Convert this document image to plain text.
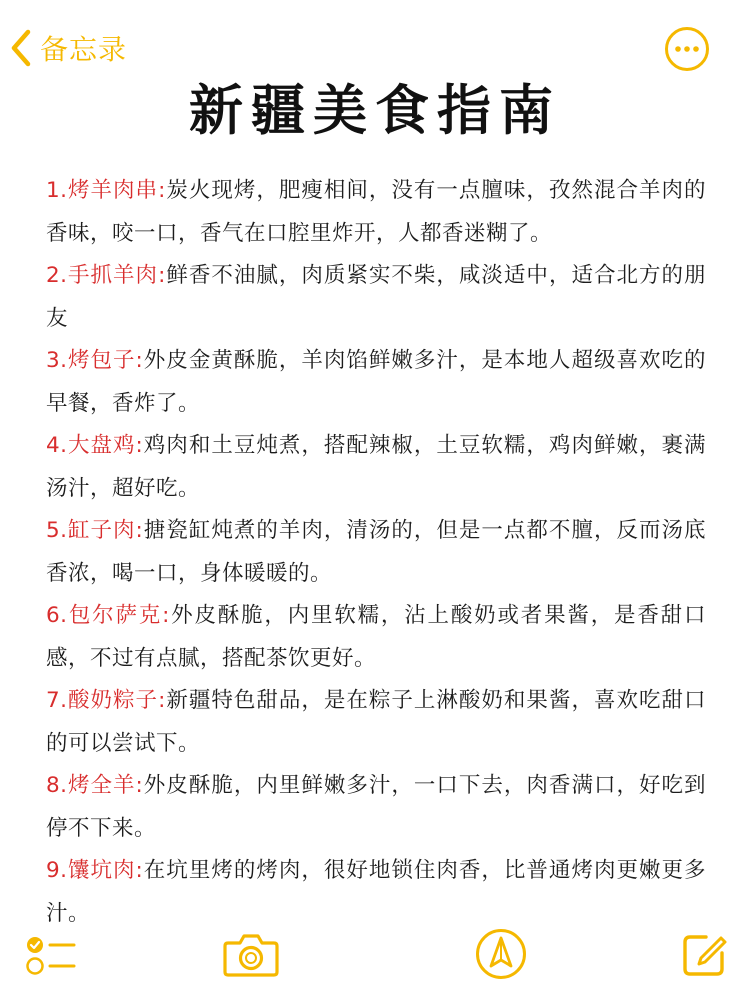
备忘录
新疆美食指南

1.烤羊肉串:炭火现烤，肥瘦相间，没有一点膻味，孜然混合羊肉的香味，咬一口，香气在口腔里炸开，人都香迷糊了。

2.手抓羊肉:鲜香不油腻，肉质紧实不柴，咸淡适中，适合北方的朋友

3.烤包子:外皮金黄酥脆，羊肉馅鲜嫩多汁，是本地人超级喜欢吃的早餐，香炸了。

4.大盘鸡:鸡肉和土豆炖煮，搭配辣椒，土豆软糯，鸡肉鲜嫩，裹满汤汁，超好吃。

5.缸子肉:搪瓷缸炖煮的羊肉，清汤的，但是一点都不膻，反而汤底香浓，喝一口，身体暖暖的。

6.包尔萨克:外皮酥脆，内里软糯，沾上酸奶或者果酱，是香甜口感，不过有点腻，搭配茶饮更好。

7.酸奶粽子:新疆特色甜品，是在粽子上淋酸奶和果酱，喜欢吃甜口的可以尝试下。

8.烤全羊:外皮酥脆，内里鲜嫩多汁，一口下去，肉香满口，好吃到停不下来。

9.馕坑肉:在坑里烤的烤肉，很好地锁住肉香，比普通烤肉更嫩更多汁。
